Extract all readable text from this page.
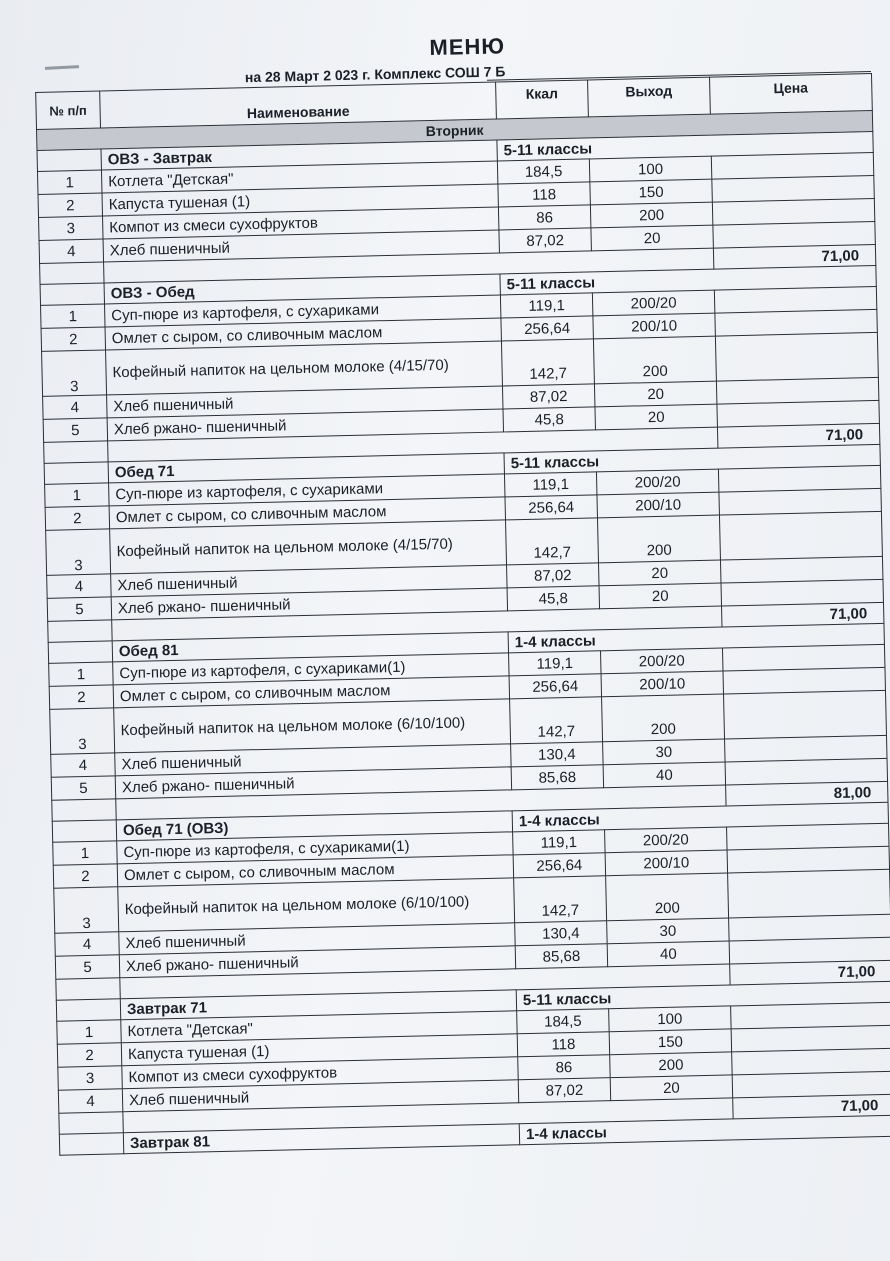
МЕНЮ
на 28 Март 2 023 г. Комплекс СОШ 7 Б
№ п/п	Наименование	Ккал	Выход	Цена
Вторник				
	ОВЗ - Завтрак	5-11 классы		
1	Котлета "Детская"	184,5	100	
2	Капуста тушеная (1)	118	150	
3	Компот из смеси сухофруктов	86	200	
4	Хлеб пшеничный	87,02	20	
				71,00
	ОВЗ - Обед	5-11 классы		
1	Суп-пюре из картофеля, с сухариками	119,1	200/20	
2	Омлет с сыром, со сливочным маслом	256,64	200/10	
3	Кофейный напиток на цельном молоке (4/15/70)	142,7	200	
4	Хлеб пшеничный	87,02	20	
5	Хлеб ржано- пшеничный	45,8	20	
				71,00
	Обед 71	5-11 классы		
1	Суп-пюре из картофеля, с сухариками	119,1	200/20	
2	Омлет с сыром, со сливочным маслом	256,64	200/10	
3	Кофейный напиток на цельном молоке (4/15/70)	142,7	200	
4	Хлеб пшеничный	87,02	20	
5	Хлеб ржано- пшеничный	45,8	20	
				71,00
	Обед 81	1-4 классы		
1	Суп-пюре из картофеля, с сухариками(1)	119,1	200/20	
2	Омлет с сыром, со сливочным маслом	256,64	200/10	
3	Кофейный напиток на цельном молоке (6/10/100)	142,7	200	
4	Хлеб пшеничный	130,4	30	
5	Хлеб ржано- пшеничный	85,68	40	
				81,00
	Обед 71 (ОВЗ)	1-4 классы		
1	Суп-пюре из картофеля, с сухариками(1)	119,1	200/20	
2	Омлет с сыром, со сливочным маслом	256,64	200/10	
3	Кофейный напиток на цельном молоке (6/10/100)	142,7	200	
4	Хлеб пшеничный	130,4	30	
5	Хлеб ржано- пшеничный	85,68	40	
				71,00
	Завтрак 71	5-11 классы		
1	Котлета "Детская"	184,5	100	
2	Капуста тушеная (1)	118	150	
3	Компот из смеси сухофруктов	86	200	
4	Хлеб пшеничный	87,02	20	
				71,00
	Завтрак 81	1-4 классы		
